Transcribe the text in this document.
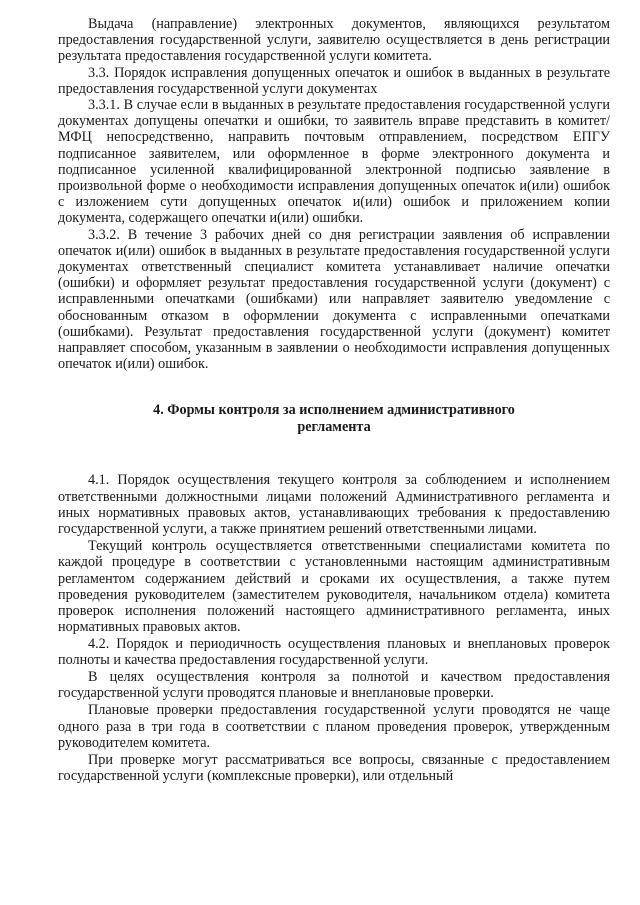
Выдача (направление) электронных документов, являющихся результатом предоставления государственной услуги, заявителю осуществляется в день регистрации результата предоставления государственной услуги комитета.

3.3. Порядок исправления допущенных опечаток и ошибок в выданных в результате предоставления государственной услуги документах

3.3.1. В случае если в выданных в результате предоставления государственной услуги документах допущены опечатки и ошибки, то заявитель вправе представить в комитет/МФЦ непосредственно, направить почтовым отправлением, посредством ЕПГУ подписанное заявителем, или оформленное в форме электронного документа и подписанное усиленной квалифицированной электронной подписью заявление в произвольной форме о необходимости исправления допущенных опечаток и(или) ошибок с изложением сути допущенных опечаток и(или) ошибок и приложением копии документа, содержащего опечатки и(или) ошибки.

3.3.2. В течение 3 рабочих дней со дня регистрации заявления об исправлении опечаток и(или) ошибок в выданных в результате предоставления государственной услуги документах ответственный специалист комитета устанавливает наличие опечатки (ошибки) и оформляет результат предоставления государственной услуги (документ) с исправленными опечатками (ошибками) или направляет заявителю уведомление с обоснованным отказом в оформлении документа с исправленными опечатками (ошибками). Результат предоставления государственной услуги (документ) комитет направляет способом, указанным в заявлении о необходимости исправления допущенных опечаток и(или) ошибок.

4. Формы контроля за исполнением административного регламента

4.1. Порядок осуществления текущего контроля за соблюдением и исполнением ответственными должностными лицами положений Административного регламента и иных нормативных правовых актов, устанавливающих требования к предоставлению государственной услуги, а также принятием решений ответственными лицами.

Текущий контроль осуществляется ответственными специалистами комитета по каждой процедуре в соответствии с установленными настоящим административным регламентом содержанием действий и сроками их осуществления, а также путем проведения руководителем (заместителем руководителя, начальником отдела) комитета проверок исполнения положений настоящего административного регламента, иных нормативных правовых актов.

4.2. Порядок и периодичность осуществления плановых и внеплановых проверок полноты и качества предоставления государственной услуги.

В целях осуществления контроля за полнотой и качеством предоставления государственной услуги проводятся плановые и внеплановые проверки.

Плановые проверки предоставления государственной услуги проводятся не чаще одного раза в три года в соответствии с планом проведения проверок, утвержденным руководителем комитета.

При проверке могут рассматриваться все вопросы, связанные с предоставлением государственной услуги (комплексные проверки), или отдельный
